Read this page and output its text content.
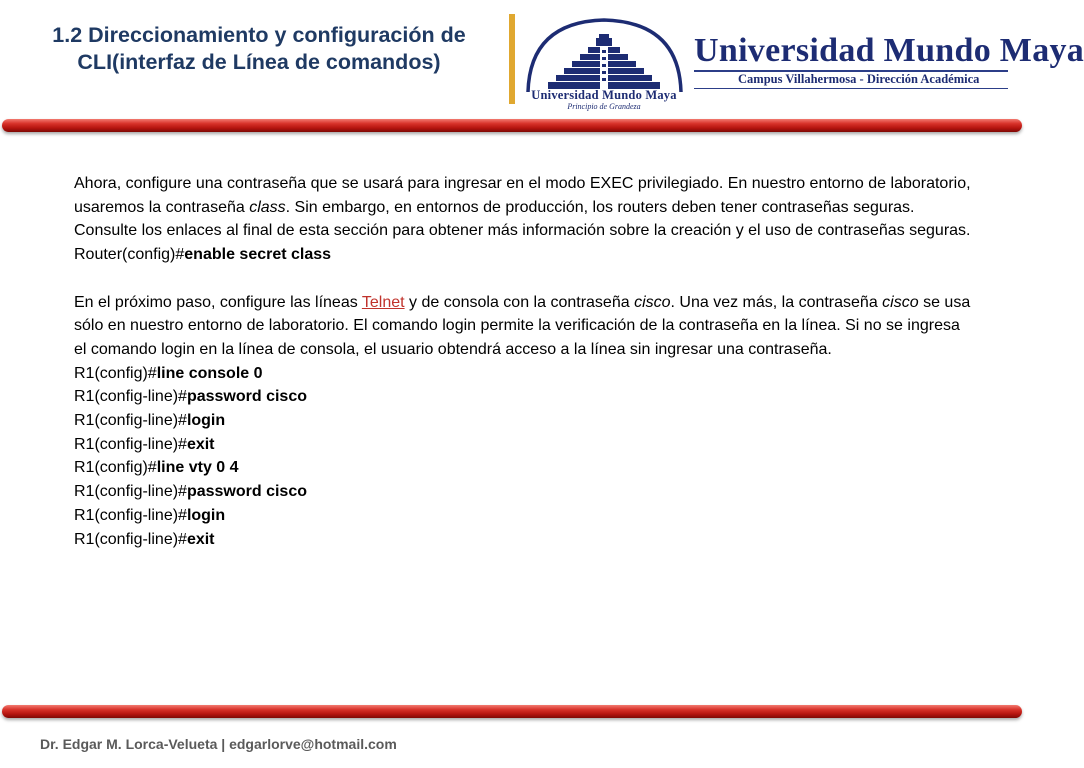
1.2 Direccionamiento y configuración de
CLI(interfaz de Línea de comandos)
Universidad Mundo Maya
Principio de Grandeza
Universidad Mundo Maya
Campus Villahermosa - Dirección Académica

Ahora, configure una contraseña que se usará para ingresar en el modo EXEC privilegiado. En nuestro entorno de laboratorio, usaremos la contraseña class. Sin embargo, en entornos de producción, los routers deben tener contraseñas seguras. Consulte los enlaces al final de esta sección para obtener más información sobre la creación y el uso de contraseñas seguras.

Router(config)#enable secret class

En el próximo paso, configure las líneas Telnet y de consola con la contraseña cisco. Una vez más, la contraseña cisco se usa sólo en nuestro entorno de laboratorio. El comando login permite la verificación de la contraseña en la línea. Si no se ingresa el comando login en la línea de consola, el usuario obtendrá acceso a la línea sin ingresar una contraseña.

R1(config)#line console 0

R1(config-line)#password cisco

R1(config-line)#login

R1(config-line)#exit

R1(config)#line vty 0 4

R1(config-line)#password cisco

R1(config-line)#login

R1(config-line)#exit

Dr. Edgar M. Lorca-Velueta | edgarlorve@hotmail.com
